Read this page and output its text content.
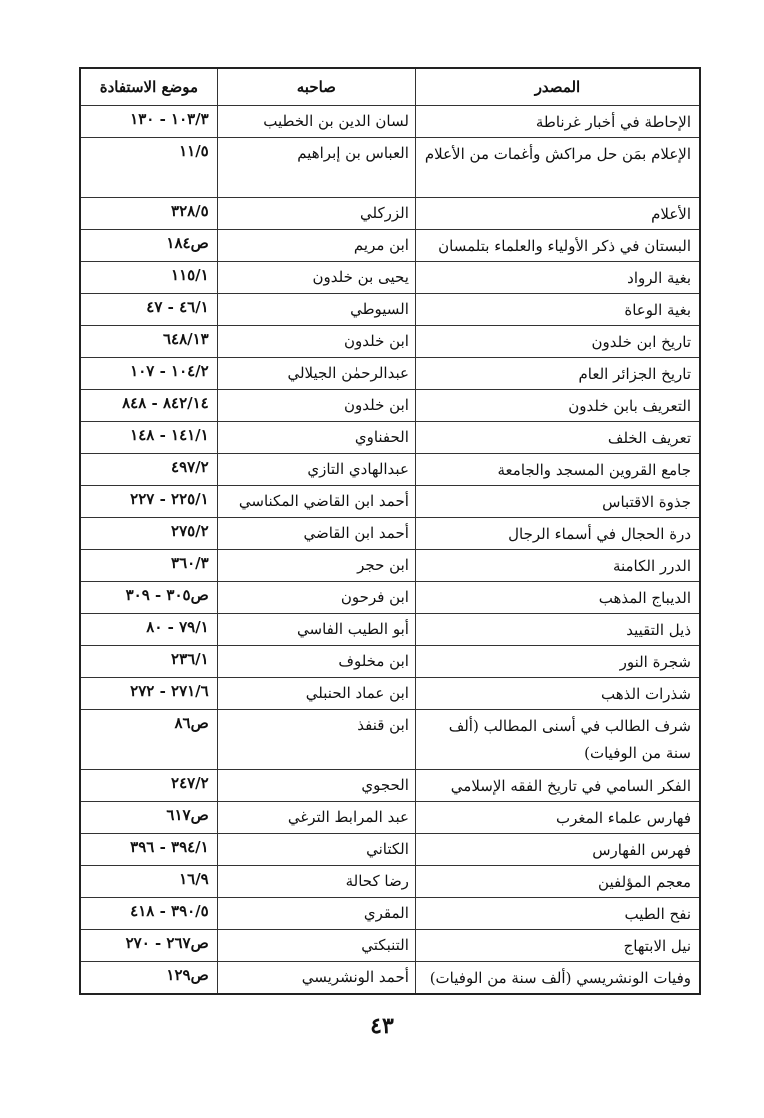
المصدر	صاحبه	موضع الاستفادة
الإحاطة في أخبار غرناطة	لسان الدين بن الخطيب	١٠٣/٣ - ١٣٠
الإعلام بمَن حل مراكش وأغمات من الأعلام	العباس بن إبراهيم	١١/٥
الأعلام	الزركلي	٣٢٨/٥
البستان في ذكر الأولياء والعلماء بتلمسان	ابن مريم	ص١٨٤
بغية الرواد	يحيى بن خلدون	١١٥/١
بغية الوعاة	السيوطي	٤٦/١ - ٤٧
تاريخ ابن خلدون	ابن خلدون	٦٤٨/١٣
تاريخ الجزائر العام	عبدالرحمٰن الجيلالي	١٠٤/٢ - ١٠٧
التعريف بابن خلدون	ابن خلدون	٨٤٢/١٤ - ٨٤٨
تعريف الخلف	الحفناوي	١٤١/١ - ١٤٨
جامع القروين المسجد والجامعة	عبدالهادي التازي	٤٩٧/٢
جذوة الاقتباس	أحمد ابن القاضي المكناسي	٢٢٥/١ - ٢٢٧
درة الحجال في أسماء الرجال	أحمد ابن القاضي	٢٧٥/٢
الدرر الكامنة	ابن حجر	٣٦٠/٣
الديباج المذهب	ابن فرحون	ص٣٠٥ - ٣٠٩
ذيل التقييد	أبو الطيب الفاسي	٧٩/١ - ٨٠
شجرة النور	ابن مخلوف	٢٣٦/١
شذرات الذهب	ابن عماد الحنبلي	٢٧١/٦ - ٢٧٢
شرف الطالب في أسنى المطالب (ألف سنة من الوفيات)	ابن قنفذ	ص٨٦
الفكر السامي في تاريخ الفقه الإسلامي	الحجوي	٢٤٧/٢
فهارس علماء المغرب	عبد المرابط الترغي	ص٦١٧
فهرس الفهارس	الكتاني	٣٩٤/١ - ٣٩٦
معجم المؤلفين	رضا كحالة	١٦/٩
نفح الطيب	المقري	٣٩٠/٥ - ٤١٨
نيل الابتهاج	التنبكتي	ص٢٦٧ - ٢٧٠
وفيات الونشريسي (ألف سنة من الوفيات)	أحمد الونشريسي	ص١٢٩
٤٣
